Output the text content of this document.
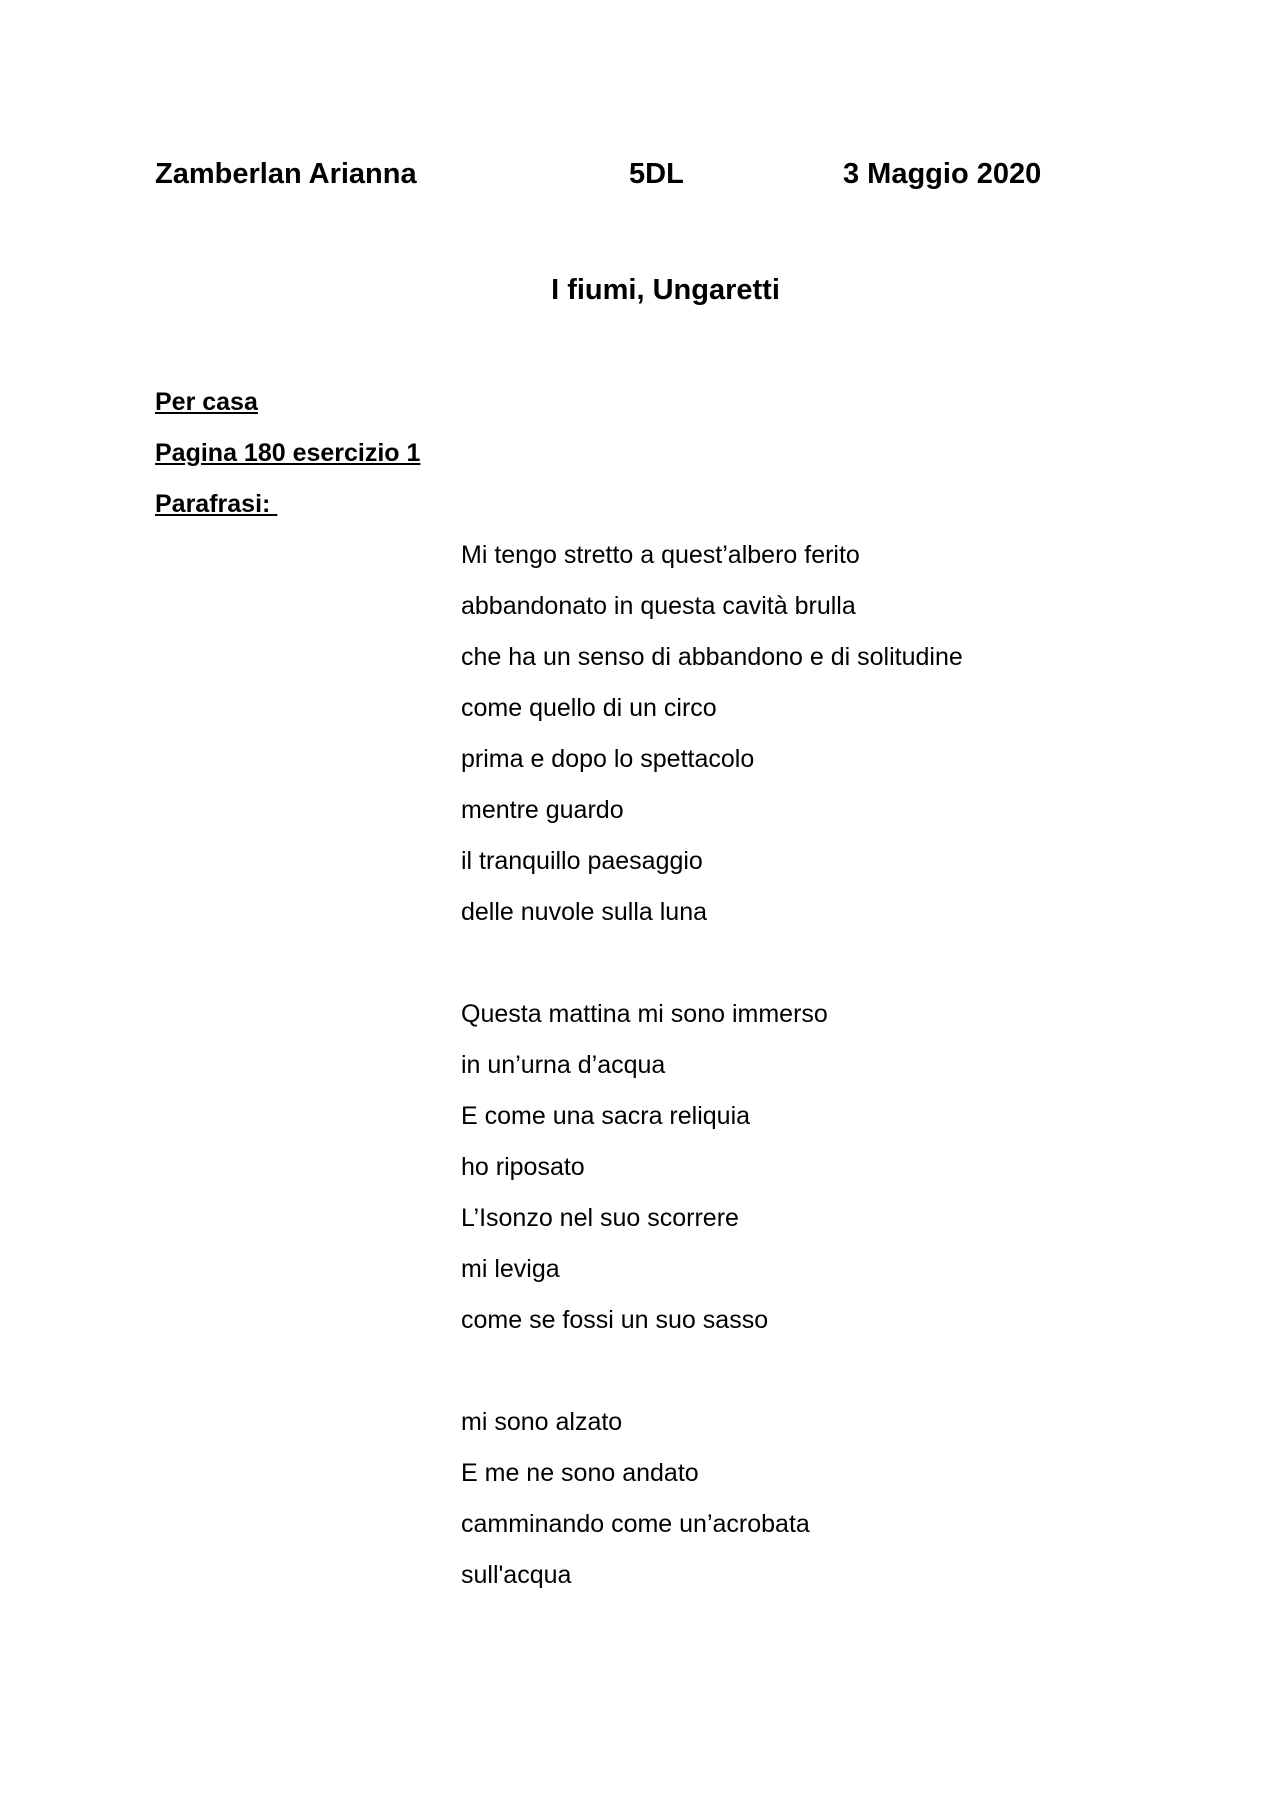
Zamberlan Arianna	5DL	3 Maggio 2020
I fiumi, Ungaretti
Per casa
Pagina 180 esercizio 1
Parafrasi:
Mi tengo stretto a quest’albero ferito
abbandonato in questa cavità brulla
che ha un senso di abbandono e di solitudine
come quello di un circo
prima e dopo lo spettacolo
mentre guardo
il tranquillo paesaggio
delle nuvole sulla luna
Questa mattina mi sono immerso
in un’urna d’acqua
E come una sacra reliquia
ho riposato
L’Isonzo nel suo scorrere
mi leviga
come se fossi un suo sasso
mi sono alzato
E me ne sono andato
camminando come un’acrobata
sull'acqua
